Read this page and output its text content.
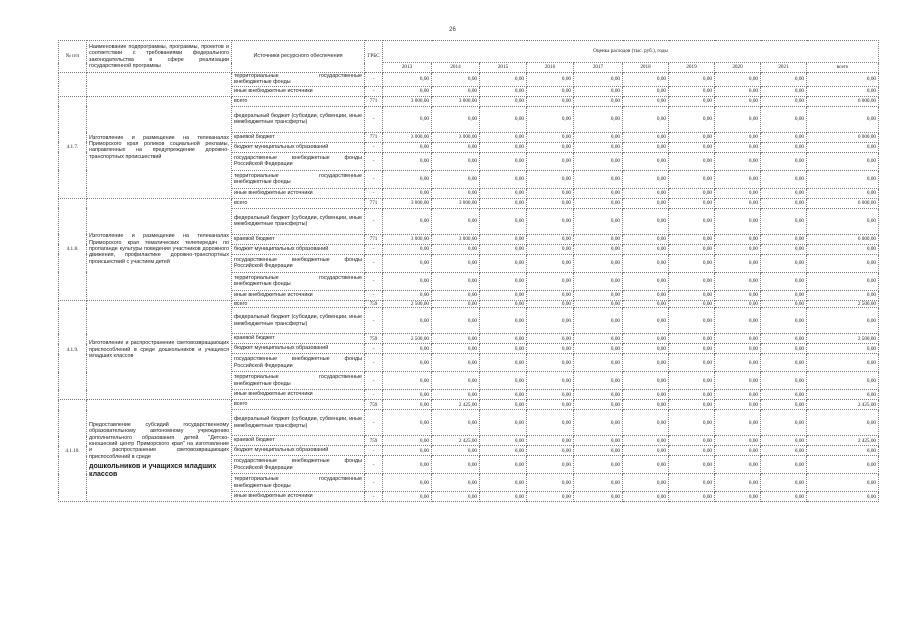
26
№ п/п	Наименование подпрограммы, программы, проектов и соответствии с требованиями федерального законодательства в сфере реализации государственной программы	Источники ресурсного обеспечения	ГРБС	Оценка расходов (тыс. руб.), годы									
				2013	2014	2015	2016	2017	2018	2019	2020	2021	всего
		территориальные государственные внебюджетные фонды	-	0,00	0,00	0,00	0,00	0,00	0,00	0,00	0,00	0,00	0,00
		иные внебюджетные источники	-	0,00	0,00	0,00	0,00	0,00	0,00	0,00	0,00	0,00	0,00
4.1.7.	Изготовление и размещение на телеканалах Приморского края роликов социальной рекламы, направленных на предупреждение дорожно-транспортных происшествий	всего	771	3 000,00	3 000,00	0,00	0,00	0,00	0,00	0,00	0,00	0,00	6 000,00
		федеральный бюджет (субсидии, субвенции, иные межбюджетные трансферты)	-	0,00	0,00	0,00	0,00	0,00	0,00	0,00	0,00	0,00	0,00
		краевой бюджет	771	3 000,00	3 000,00	0,00	0,00	0,00	0,00	0,00	0,00	0,00	6 000,00
		бюджет муниципальных образований	-	0,00	0,00	0,00	0,00	0,00	0,00	0,00	0,00	0,00	0,00
		государственные внебюджетные фонды Российской Федерации	-	0,00	0,00	0,00	0,00	0,00	0,00	0,00	0,00	0,00	0,00
		территориальные государственные внебюджетные фонды	-	0,00	0,00	0,00	0,00	0,00	0,00	0,00	0,00	0,00	0,00
		иные внебюджетные источники	-	0,00	0,00	0,00	0,00	0,00	0,00	0,00	0,00	0,00	0,00
4.1.8.	Изготовление и размещение на телеканалах Приморского края тематических телепередач по пропаганде культуры поведения участников дорожного движения, профилактике дорожно-транспортных происшествий с участием детей	всего	771	3 000,00	3 000,00	0,00	0,00	0,00	0,00	0,00	0,00	0,00	6 000,00
		федеральный бюджет (субсидии, субвенции, иные межбюджетные трансферты)	-	0,00	0,00	0,00	0,00	0,00	0,00	0,00	0,00	0,00	0,00
		краевой бюджет	771	3 000,00	3 000,00	0,00	0,00	0,00	0,00	0,00	0,00	0,00	6 000,00
		бюджет муниципальных образований	-	0,00	0,00	0,00	0,00	0,00	0,00	0,00	0,00	0,00	0,00
		государственные внебюджетные фонды Российской Федерации	-	0,00	0,00	0,00	0,00	0,00	0,00	0,00	0,00	0,00	0,00
		территориальные государственные внебюджетные фонды	-	0,00	0,00	0,00	0,00	0,00	0,00	0,00	0,00	0,00	0,00
		иные внебюджетные источники	-	0,00	0,00	0,00	0,00	0,00	0,00	0,00	0,00	0,00	0,00
4.1.9.	Изготовление и распространение световозвращающих приспособлений в среде дошкольников и учащихся младших классов	всего	759	2 500,00	0,00	0,00	0,00	0,00	0,00	0,00	0,00	0,00	2 500,00
		федеральный бюджет (субсидии, субвенции, иные межбюджетные трансферты)	-	0,00	0,00	0,00	0,00	0,00	0,00	0,00	0,00	0,00	0,00
		краевой бюджет	759	2 500,00	0,00	0,00	0,00	0,00	0,00	0,00	0,00	0,00	2 500,00
		бюджет муниципальных образований	-	0,00	0,00	0,00	0,00	0,00	0,00	0,00	0,00	0,00	0,00
		государственные внебюджетные фонды Российской Федерации	-	0,00	0,00	0,00	0,00	0,00	0,00	0,00	0,00	0,00	0,00
		территориальные государственные внебюджетные фонды	-	0,00	0,00	0,00	0,00	0,00	0,00	0,00	0,00	0,00	0,00
		иные внебюджетные источники	-	0,00	0,00	0,00	0,00	0,00	0,00	0,00	0,00	0,00	0,00
4.1.10.	Предоставление субсидий государственному образовательному автономному учреждению дополнительного образования детей "Детско-юношеский центр Приморского края" на изготовление и распространение световозвращающих приспособлений в среде
дошкольников и учащихся младших классов	всего	759	0,00	2 425,00	0,00	0,00	0,00	0,00	0,00	0,00	0,00	2 425,00
		федеральный бюджет (субсидии, субвенции, иные межбюджетные трансферты)	-	0,00	0,00	0,00	0,00	0,00	0,00	0,00	0,00	0,00	0,00
		краевой бюджет	759	0,00	2 425,00	0,00	0,00	0,00	0,00	0,00	0,00	0,00	2 425,00
		бюджет муниципальных образований	-	0,00	0,00	0,00	0,00	0,00	0,00	0,00	0,00	0,00	0,00
		государственные внебюджетные фонды Российской Федерации	-	0,00	0,00	0,00	0,00	0,00	0,00	0,00	0,00	0,00	0,00
		территориальные государственные внебюджетные фонды	-	0,00	0,00	0,00	0,00	0,00	0,00	0,00	0,00	0,00	0,00
		иные внебюджетные источники	-	0,00	0,00	0,00	0,00	0,00	0,00	0,00	0,00	0,00	0,00
